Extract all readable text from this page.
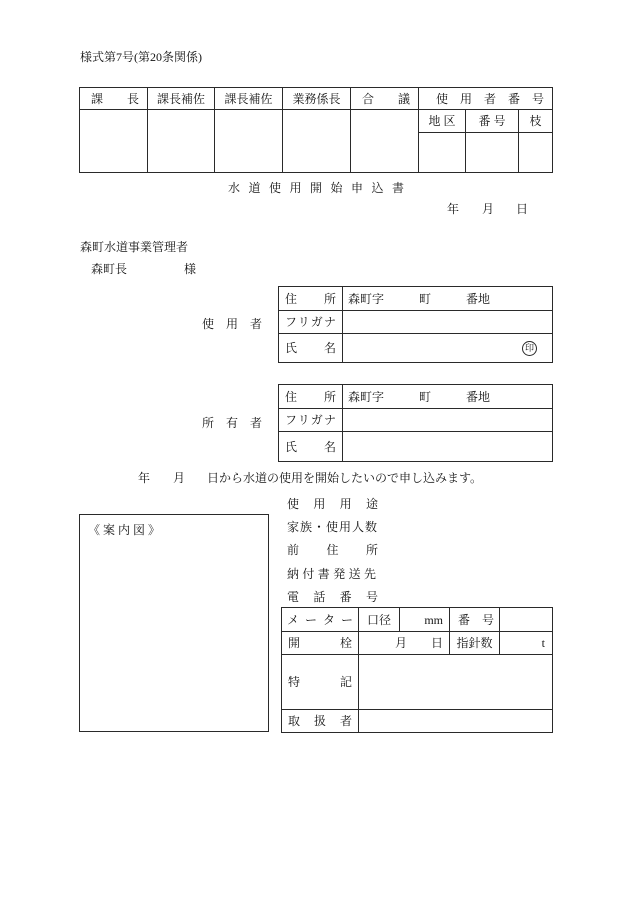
様式第7号(第20条関係)
課　　長	課長補佐	課長補佐	業務係長	合　　議	使　用　者　番　号		

					地 区	番 号	枝

水 道 使 用 開 始 申 込 書
年 月 日
森町水道事業管理者
森町長	様
使　用　者
住　　所	森町字 町 番地

フリガナ	

氏　　名	印
所　有　者
住　　所	森町字 町 番地

フリガナ	

氏　　名	

年 月 日から水道の使用を開始したいので申し込みます。
《 案 内 図 》
使　用　用　途
家族・使用人数
前　　住　　所
納付書発送先
電　話　番　号
メ ー タ ー	口径	mm	番　号	

開　　栓	月　　日		指針数	t

特　　記				

取　扱　者				
